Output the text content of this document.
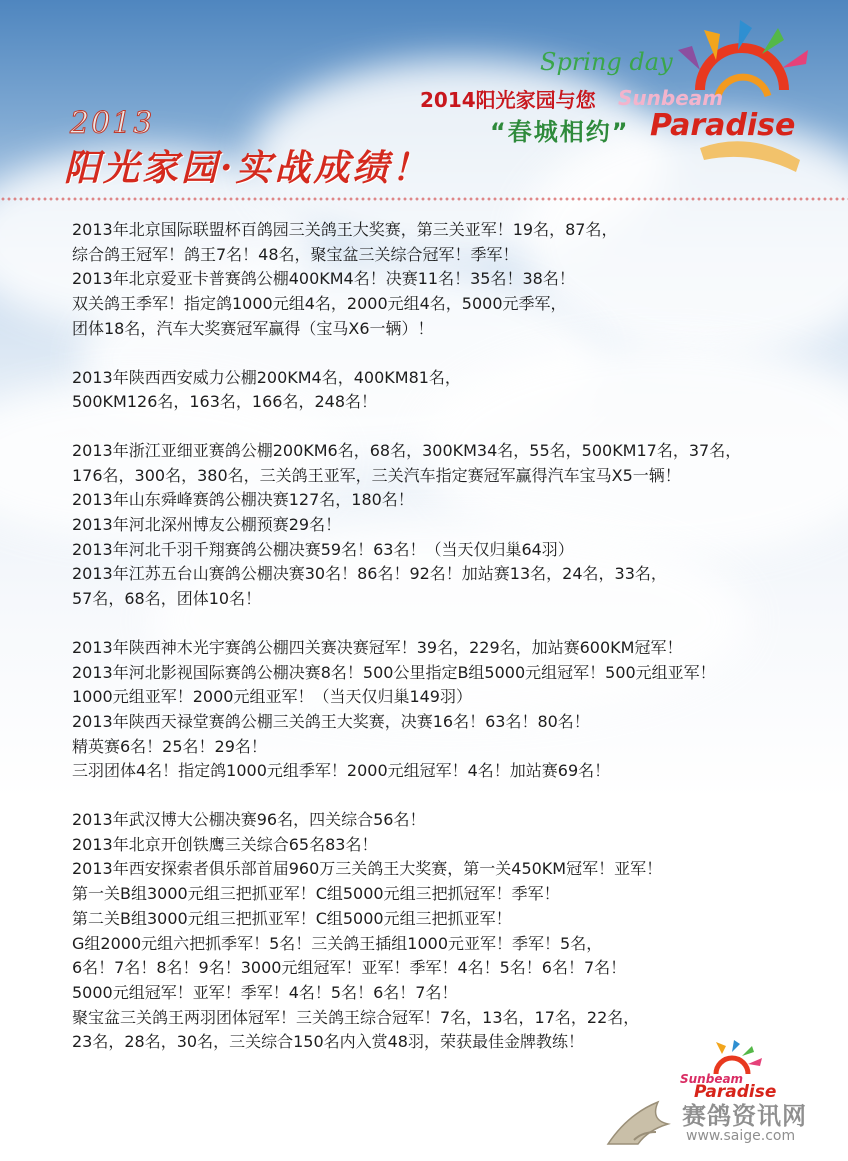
2013
阳光家园·实战成绩！
Spring day
2014阳光家园与您
“春城相约”
Sunbeam
Paradise

2013年北京国际联盟杯百鸽园三关鸽王大奖赛，第三关亚军！19名，87名，

综合鸽王冠军！鸽王7名！48名，聚宝盆三关综合冠军！季军！

2013年北京爱亚卡普赛鸽公棚400KM4名！决赛11名！35名！38名！

双关鸽王季军！指定鸽1000元组4名，2000元组4名，5000元季军，

团体18名，汽车大奖赛冠军赢得（宝马X6一辆）！

2013年陕西西安威力公棚200KM4名，400KM81名，

500KM126名，163名，166名，248名！

2013年浙江亚细亚赛鸽公棚200KM6名，68名，300KM34名，55名，500KM17名，37名，

176名，300名，380名，三关鸽王亚军，三关汽车指定赛冠军赢得汽车宝马X5一辆！

2013年山东舜峰赛鸽公棚决赛127名，180名！

2013年河北深州博友公棚预赛29名！

2013年河北千羽千翔赛鸽公棚决赛59名！63名！（当天仅归巢64羽）

2013年江苏五台山赛鸽公棚决赛30名！86名！92名！加站赛13名，24名，33名，

57名，68名，团体10名！

2013年陕西神木光宇赛鸽公棚四关赛决赛冠军！39名，229名，加站赛600KM冠军！

2013年河北影视国际赛鸽公棚决赛8名！500公里指定B组5000元组冠军！500元组亚军！

1000元组亚军！2000元组亚军！（当天仅归巢149羽）

2013年陕西天禄堂赛鸽公棚三关鸽王大奖赛，决赛16名！63名！80名！

精英赛6名！25名！29名！

三羽团体4名！指定鸽1000元组季军！2000元组冠军！4名！加站赛69名！

2013年武汉博大公棚决赛96名，四关综合56名！

2013年北京开创铁鹰三关综合65名83名！

2013年西安探索者俱乐部首届960万三关鸽王大奖赛，第一关450KM冠军！亚军！

第一关B组3000元组三把抓亚军！C组5000元组三把抓冠军！季军！

第二关B组3000元组三把抓亚军！C组5000元组三把抓亚军！

G组2000元组六把抓季军！5名！三关鸽王插组1000元亚军！季军！5名，

6名！7名！8名！9名！3000元组冠军！亚军！季军！4名！5名！6名！7名！

5000元组冠军！亚军！季军！4名！5名！6名！7名！

聚宝盆三关鸽王两羽团体冠军！三关鸽王综合冠军！7名，13名，17名，22名，

23名，28名，30名，三关综合150名内入赏48羽，荣获最佳金牌教练！

Sunbeam
Paradise
赛鸽资讯网
www.saige.com
